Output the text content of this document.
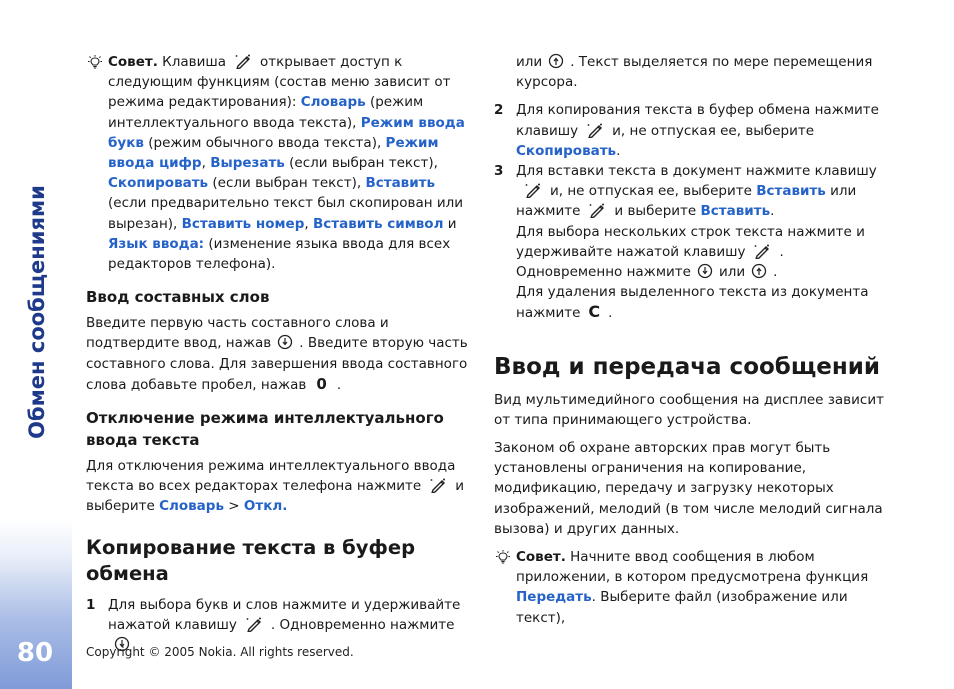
Обмен сообщениями
80
Совет. Клавиша	открывает доступ к следующим функциям (состав меню зависит от режима редактирования): Словарь (режим интеллектуального ввода текста), Режим ввода букв (режим обычного ввода текста), Режим ввода цифр, Вырезать (если выбран текст), Скопировать (если выбран текст), Вставить (если предварительно текст был скопирован или вырезан), Вставить номер, Вставить символ и Язык ввода: (изменение языка ввода для всех редакторов телефона).
Ввод составных слов
Введите первую часть составного слова и подтвердите ввод, нажав . Введите вторую часть составного слова. Для завершения ввода составного слова добавьте пробел, нажав 0 .
Отключение режима интеллектуального ввода текста
Для отключения режима интеллектуального ввода текста во всех редакторах телефона нажмите	и выберите Словарь > Откл.
Копирование текста в буфер обмена
1 Для выбора букв и слов нажмите и удерживайте нажатой клавишу	. Одновременно нажмите
или . Текст выделяется по мере перемещения курсора.
2 Для копирования текста в буфер обмена нажмите клавишу	и, не отпуская ее, выберите Скопировать.
3 Для вставки текста в документ нажмите клавишуи, не отпуская ее, выберите Вставить или нажмите	и выберите Вставить.
Для выбора нескольких строк текста нажмите и удерживайте нажатой клавишу	. Одновременно нажмите или .
Для удаления выделенного текста из документа нажмите C .
Ввод и передача сообщений
Вид мультимедийного сообщения на дисплее зависит от типа принимающего устройства.
Законом об охране авторских прав могут быть установлены ограничения на копирование, модификацию, передачу и загрузку некоторых изображений, мелодий (в том числе мелодий сигнала вызова) и других данных.
Совет. Начните ввод сообщения в любом приложении, в котором предусмотрена функция Передать. Выберите файл (изображение или текст),
Copyright © 2005 Nokia. All rights reserved.
